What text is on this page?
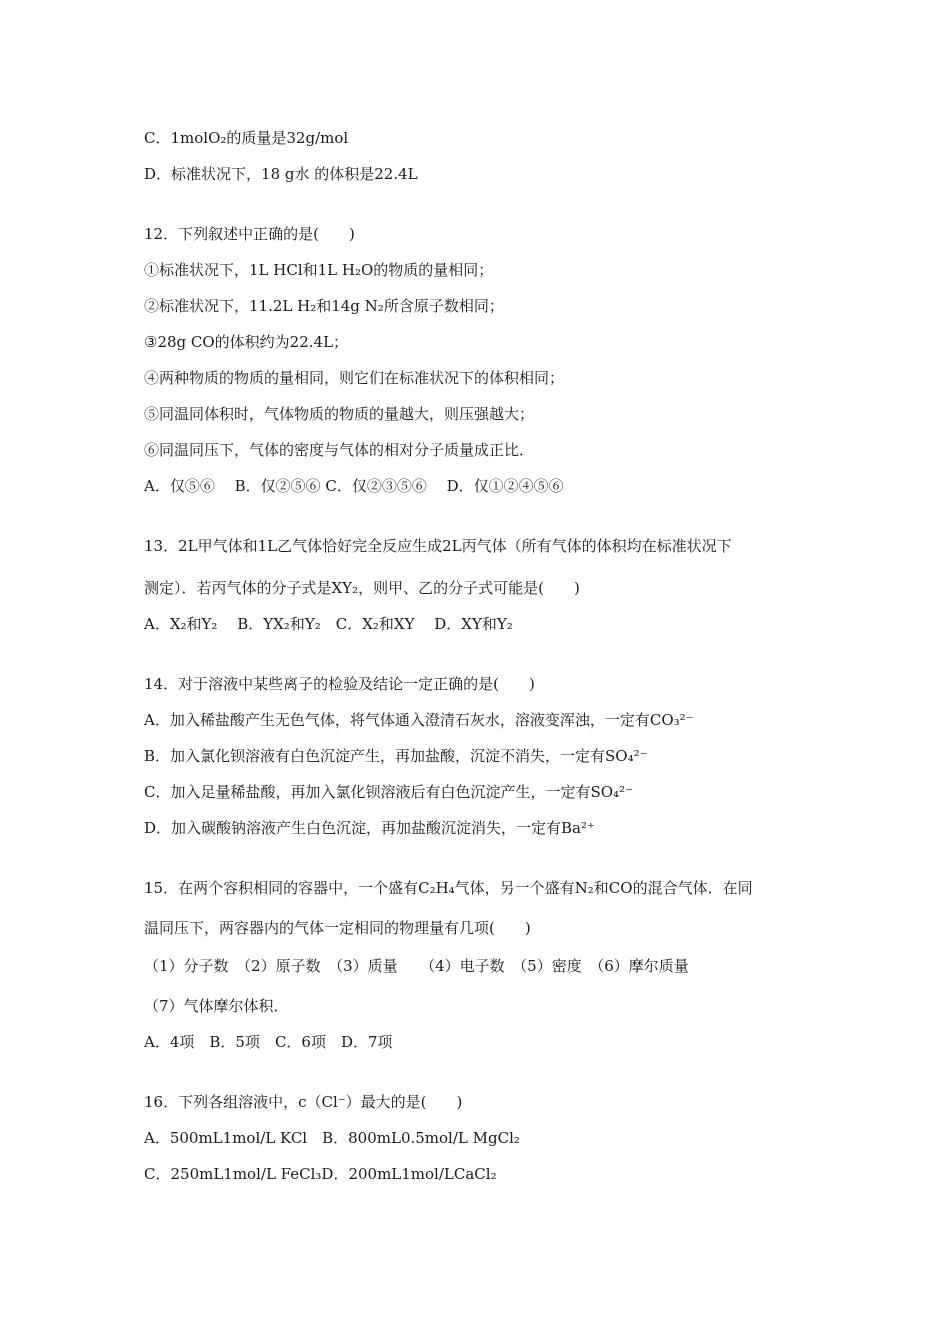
C．1molO₂的质量是32g/mol
D．标准状况下，18 g水 的体积是22.4L
12．下列叙述中正确的是(　　)
①标准状况下，1L HCl和1L H₂O的物质的量相同；
②标准状况下，11.2L H₂和14g N₂所含原子数相同；
③28g CO的体积约为22.4L；
④两种物质的物质的量相同，则它们在标准状况下的体积相同；
⑤同温同体积时，气体物质的物质的量越大，则压强越大；
⑥同温同压下，气体的密度与气体的相对分子质量成正比．
A．仅⑤⑥　 B．仅②⑤⑥ C．仅②③⑤⑥　 D．仅①②④⑤⑥
13．2L甲气体和1L乙气体恰好完全反应生成2L丙气体（所有气体的体积均在标准状况下
测定）．若丙气体的分子式是XY₂，则甲、乙的分子式可能是(　　)
A．X₂和Y₂　 B．YX₂和Y₂　C．X₂和XY　 D．XY和Y₂
14．对于溶液中某些离子的检验及结论一定正确的是(　　)
A．加入稀盐酸产生无色气体，将气体通入澄清石灰水，溶液变浑浊，一定有CO₃²⁻
B．加入氯化钡溶液有白色沉淀产生，再加盐酸，沉淀不消失，一定有SO₄²⁻
C．加入足量稀盐酸，再加入氯化钡溶液后有白色沉淀产生，一定有SO₄²⁻
D．加入碳酸钠溶液产生白色沉淀，再加盐酸沉淀消失，一定有Ba²⁺
15．在两个容积相同的容器中，一个盛有C₂H₄气体，另一个盛有N₂和CO的混合气体．在同
温同压下，两容器内的气体一定相同的物理量有几项(　　)
（1）分子数　（2）原子数　（3）质量　　（4）电子数　（5）密度　（6）摩尔质量
（7）气体摩尔体积．
A．4项　B．5项　C．6项　D．7项
16．下列各组溶液中，c（Cl⁻）最大的是(　　)
A．500mL1mol/L KCl　B．800mL0.5mol/L MgCl₂
C．250mL1mol/L FeCl₃D．200mL1mol/LCaCl₂
